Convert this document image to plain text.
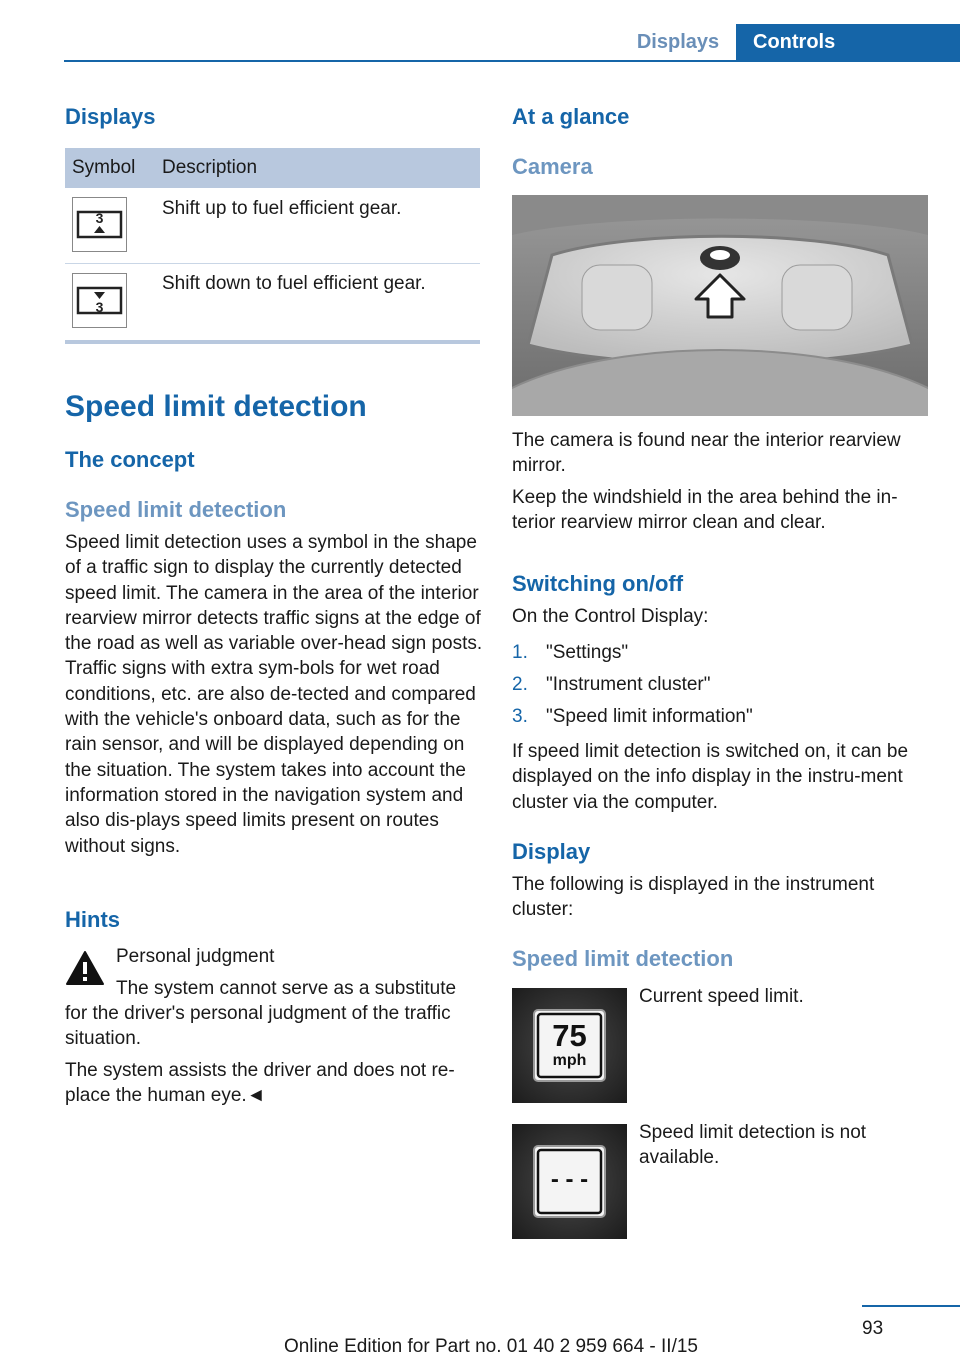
Displays	Controls
Displays
Symbol Description
3	Shift up to fuel efficient gear.
3
Shift down to fuel efficient gear.
Speed limit detection
The concept
Speed limit detection

Speed limit detection uses a symbol in the shape of a traffic sign to display the currently detected speed limit. The camera in the area of the interior rearview mirror detects traffic signs at the edge of the road as well as variable over‐head sign posts. Traffic signs with extra sym‐bols for wet road conditions, etc. are also de‐tected and compared with the vehicle's onboard data, such as for the rain sensor, and will be displayed depending on the situation. The system takes into account the information stored in the navigation system and also dis‐plays speed limits present on routes without signs.

Hints

Personal judgment

The system cannot serve as a substitute

for the driver's personal judgment of the traffic situation.

The system assists the driver and does not re‐place the human eye.◄

At a glance
Camera

The camera is found near the interior rearview mirror.

Keep the windshield in the area behind the in‐terior rearview mirror clean and clear.

Switching on/off

On the Control Display:

1. "Settings"
2. "Instrument cluster"
3. "Speed limit information"

If speed limit detection is switched on, it can be displayed on the info display in the instru‐ment cluster via the computer.

Display

The following is displayed in the instrument cluster:

Speed limit detection
75
mph

Current speed limit.

- - -

Speed limit detection is not available.

93
Online Edition for Part no. 01 40 2 959 664 - II/15
